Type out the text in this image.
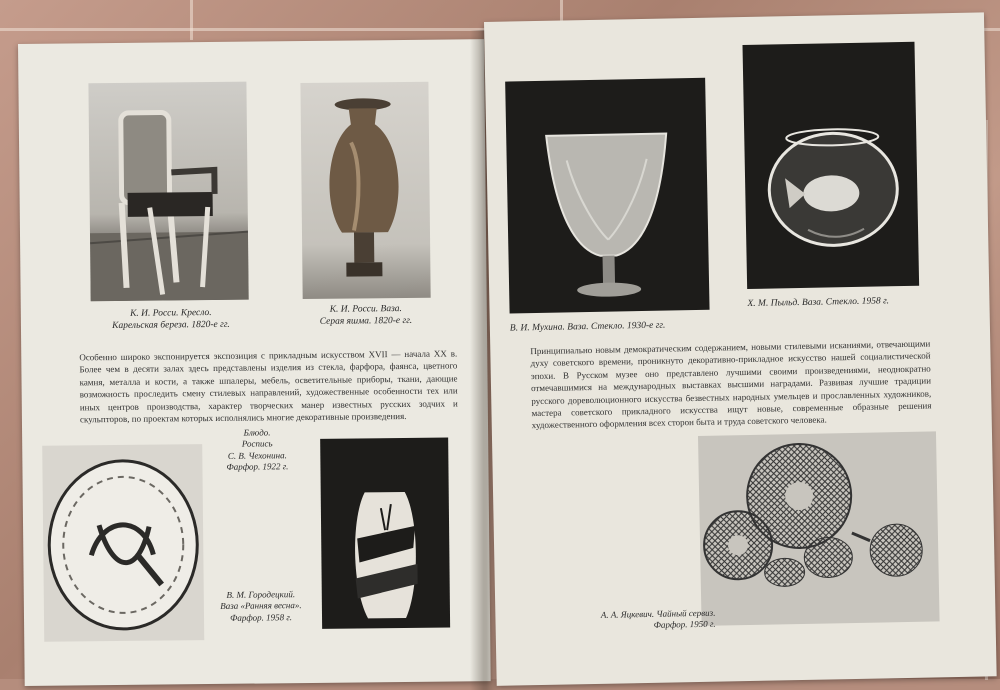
К. И. Росси. Кресло.
Карельская береза. 1820-е гг.
К. И. Росси. Ваза.
Серая яшма. 1820-е гг.
Особенно широко экспонируется экспозиция с прикладным искусством XVII — начала XX в. Более чем в десяти залах здесь представлены изделия из стекла, фарфора, фаянса, цветного камня, металла и кости, а также шпалеры, мебель, осветительные приборы, ткани, дающие возможность проследить смену стилевых направлений, художественные особенности тех или иных центров производства, характер творческих манер известных русских зодчих и скульпторов, по проектам которых исполнялись многие декоративные произведения.
Блюдо.
Роспись
С. В. Чехонина.
Фарфор. 1922 г.
В. М. Городецкий.
Ваза «Ранняя весна».
Фарфор. 1958 г.
В. И. Мухина. Ваза. Стекло. 1930-е гг.
Х. М. Пыльд. Ваза. Стекло. 1958 г.
Принципиально новым демократическим содержанием, новыми стилевыми исканиями, отвечающими духу советского времени, проникнуто декоративно-прикладное искусство нашей социалистической эпохи. В Русском музее оно представлено лучшими своими произведениями, неоднократно отмечавшимися на международных выставках высшими наградами. Развивая лучшие традиции русского дореволюционного искусства безвестных народных умельцев и прославленных художников, мастера советского прикладного искусства ищут новые, современные образные решения художественного оформления всех сторон быта и труда советского человека.
А. А. Яцкевич. Чайный сервиз.
Фарфор. 1950 г.
